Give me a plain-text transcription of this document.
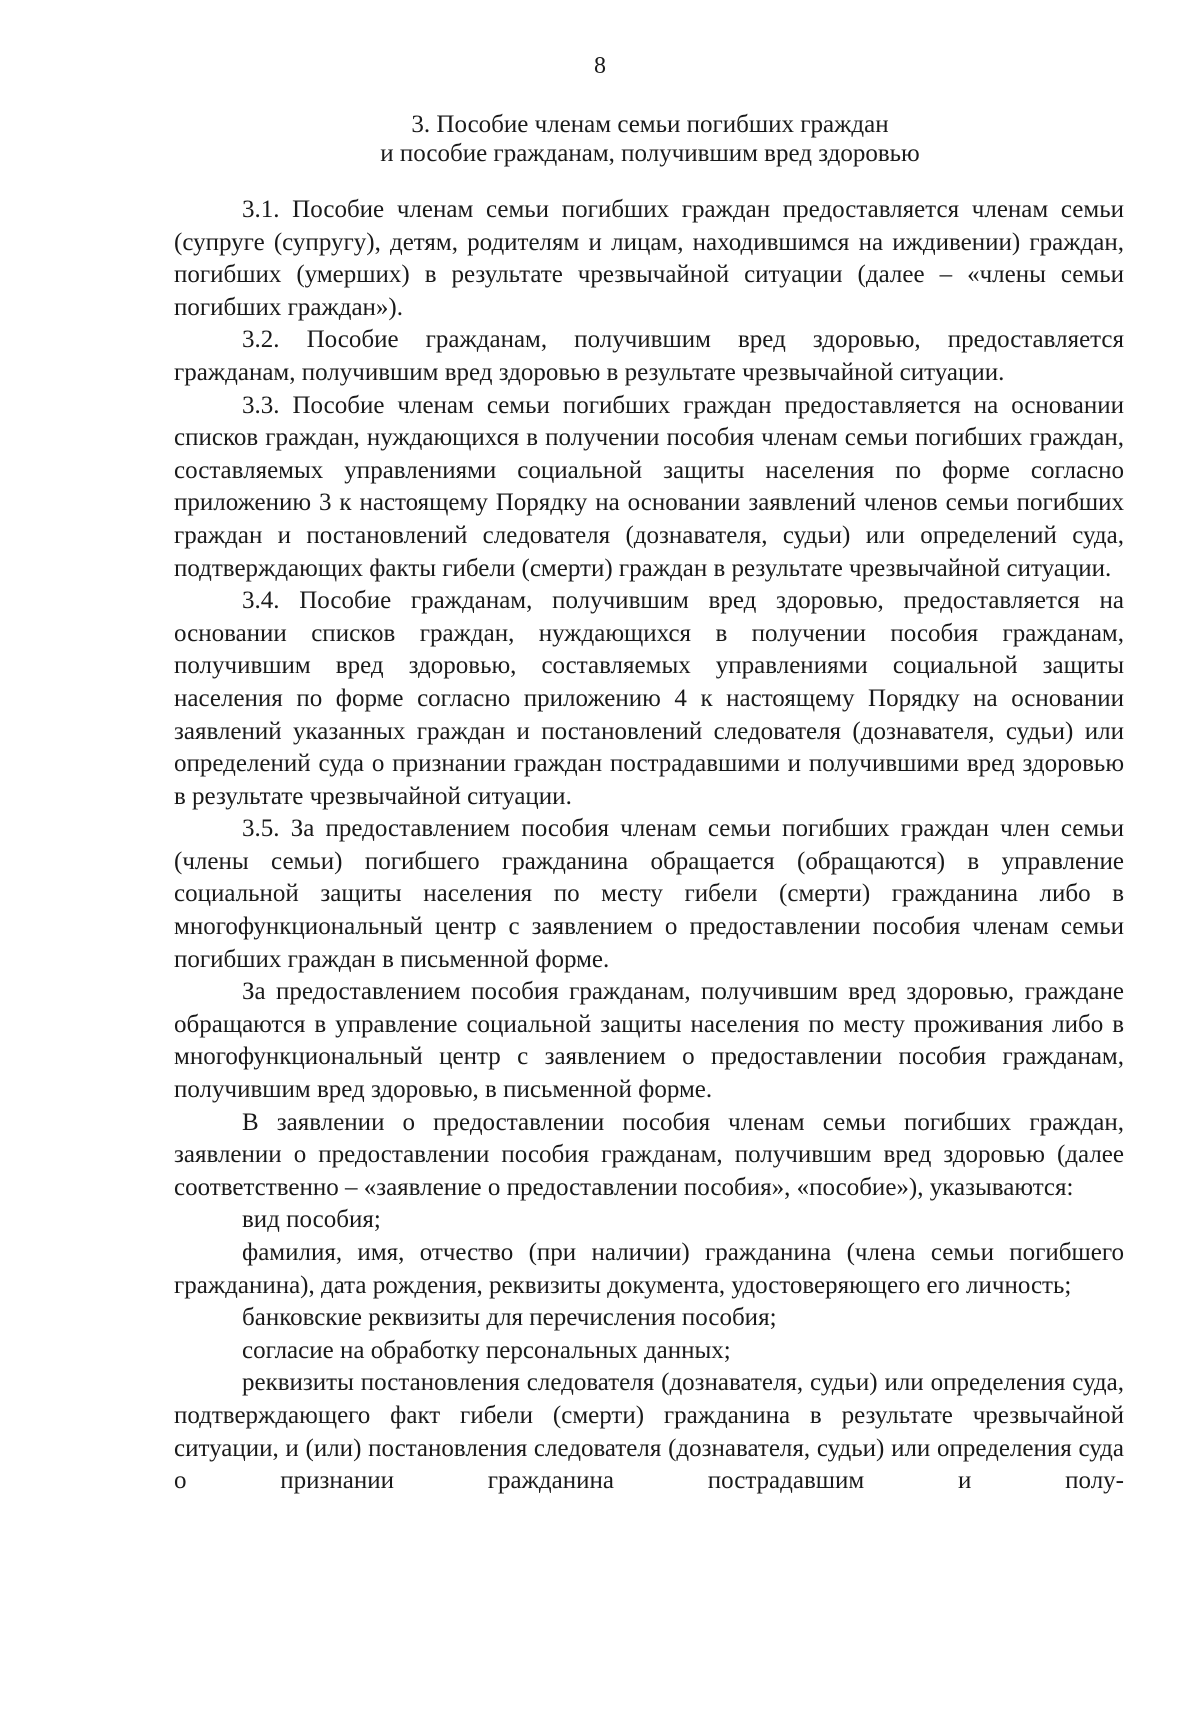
8
3. Пособие членам семьи погибших граждан
и пособие гражданам, получившим вред здоровью

3.1. Пособие членам семьи погибших граждан предоставляется членам семьи (супруге (супругу), детям, родителям и лицам, находившимся на иждивении) граждан, погибших (умерших) в результате чрезвычайной ситуации (далее – «члены семьи погибших граждан»).

3.2. Пособие гражданам, получившим вред здоровью, предоставляется гражданам, получившим вред здоровью в результате чрезвычайной ситуации.

3.3. Пособие членам семьи погибших граждан предоставляется на основании списков граждан, нуждающихся в получении пособия членам семьи погибших граждан, составляемых управлениями социальной защиты населения по форме согласно приложению 3 к настоящему Порядку на основании заявлений членов семьи погибших граждан и постановлений следователя (дознавателя, судьи) или определений суда, подтверждающих факты гибели (смерти) граждан в результате чрезвычайной ситуации.

3.4. Пособие гражданам, получившим вред здоровью, предоставляется на основании списков граждан, нуждающихся в получении пособия гражданам, получившим вред здоровью, составляемых управлениями социальной защиты населения по форме согласно приложению 4 к настоящему Порядку на основании заявлений указанных граждан и постановлений следователя (дознавателя, судьи) или определений суда о признании граждан пострадавшими и получившими вред здоровью в результате чрезвычайной ситуации.

3.5. За предоставлением пособия членам семьи погибших граждан член семьи (члены семьи) погибшего гражданина обращается (обращаются) в управление социальной защиты населения по месту гибели (смерти) гражданина либо в многофункциональный центр с заявлением о предоставлении пособия членам семьи погибших граждан в письменной форме.

За предоставлением пособия гражданам, получившим вред здоровью, граждане обращаются в управление социальной защиты населения по месту проживания либо в многофункциональный центр с заявлением о предоставлении пособия гражданам, получившим вред здоровью, в письменной форме.

В заявлении о предоставлении пособия членам семьи погибших граждан, заявлении о предоставлении пособия гражданам, получившим вред здоровью (далее соответственно – «заявление о предоставлении пособия», «пособие»), указываются:

вид пособия;

фамилия, имя, отчество (при наличии) гражданина (члена семьи погибшего гражданина), дата рождения, реквизиты документа, удостоверяющего его личность;

банковские реквизиты для перечисления пособия;

согласие на обработку персональных данных;

реквизиты постановления следователя (дознавателя, судьи) или определения суда, подтверждающего факт гибели (смерти) гражданина в результате чрезвычайной ситуации, и (или) постановления следователя (дознавателя, судьи) или определения суда о признании гражданина пострадавшим и полу-
